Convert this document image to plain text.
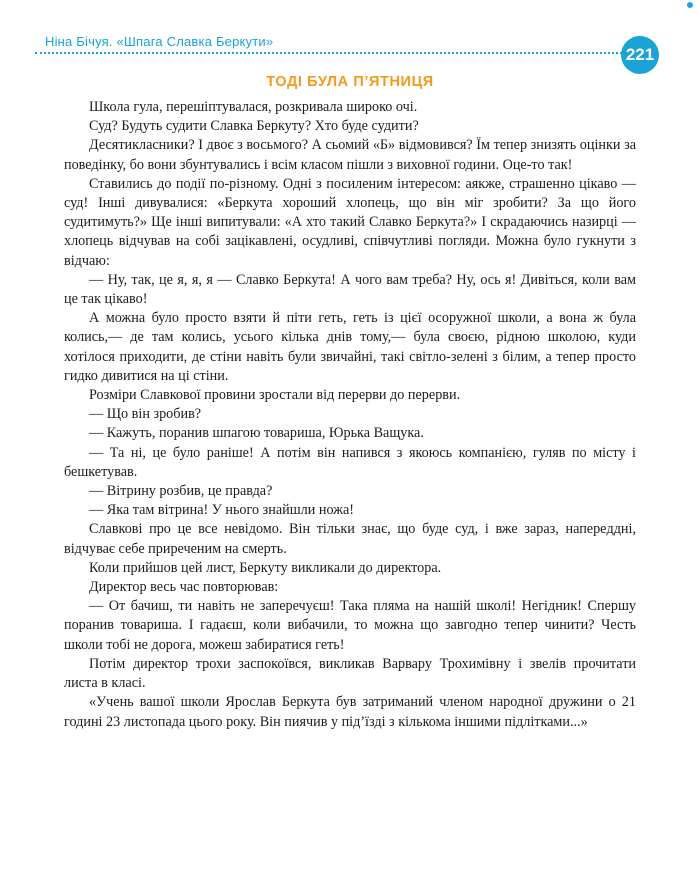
Ніна Бічуя. «Шпага Славка Беркути»
221
ТОДІ БУЛА П’ЯТНИЦЯ

Школа гула, перешіптувалася, розкривала широко очі.

Суд? Будуть судити Славка Беркуту? Хто буде судити?

Десятикласники? І двоє з восьмого? А сьомий «Б» відмовився? Їм тепер знизять оцінки за поведінку, бо вони збунтувались і всім класом пішли з виховної години. Оце-то так!

Ставились до події по-різному. Одні з посиленим інтересом: аякже, страшенно цікаво — суд! Інші дивувалися: «Беркута хороший хлопець, що він міг зробити? За що його судитимуть?» Ще інші випитували: «А хто такий Славко Беркута?» І скрадаючись назирці — хлопець відчував на собі зацікавлені, осудливі, співчутливі погляди. Можна було гукнути з відчаю:

— Ну, так, це я, я, я — Славко Беркута! А чого вам треба? Ну, ось я! Дивіться, коли вам це так цікаво!

А можна було просто взяти й піти геть, геть із цієї осоружної школи, а вона ж була колись,— де там колись, усього кілька днів тому,— була своєю, рідною школою, куди хотілося приходити, де стіни навіть були звичайні, такі світло-зелені з білим, а тепер просто гидко дивитися на ці стіни.

Розміри Славкової провини зростали від перерви до перерви.

— Що він зробив?

— Кажуть, поранив шпагою товариша, Юрька Ващука.

— Та ні, це було раніше! А потім він напився з якоюсь компанією, гуляв по місту і бешкетував.

— Вітрину розбив, це правда?

— Яка там вітрина! У нього знайшли ножа!

Славкові про це все невідомо. Він тільки знає, що буде суд, і вже зараз, наперeддні, відчуває себе приреченим на смерть.

Коли прийшов цей лист, Беркуту викликали до директора.

Директор весь час повторював:

— От бачиш, ти навіть не заперечуєш! Така пляма на нашій школі! Негідник! Спершу поранив товариша. І гадаєш, коли вибачили, то можна що завгодно тепер чинити? Честь школи тобі не дорога, можеш забиратися геть!

Потім директор трохи заспокоївся, викликав Варвару Трохимівну і звелів прочитати листа в класі.

«Учень вашої школи Ярослав Беркута був затриманий членом народної дружини о 21 годині 23 листопада цього року. Він пиячив у під’їзді з кількома іншими підлітками...»
